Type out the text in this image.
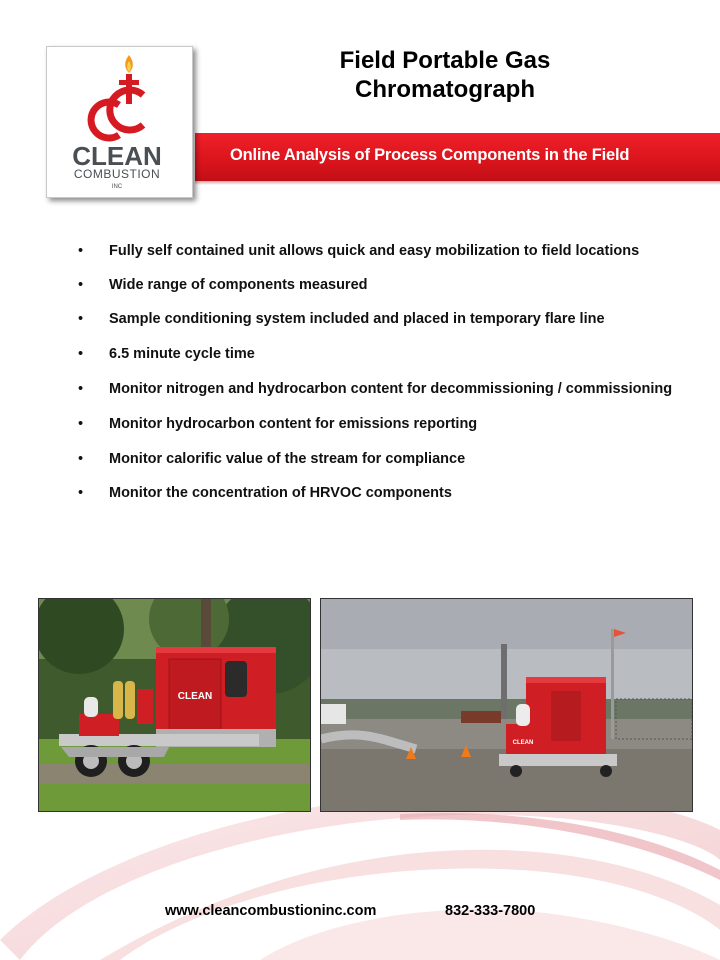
Online Analysis of Process Components in the Field
CLEAN
COMBUSTION
INC
Field Portable Gas
Chromatograph
• Fully self contained unit allows quick and easy mobilization to field locations
• Wide range of components measured
• Sample conditioning system included and placed in temporary flare line
• 6.5 minute cycle time
• Monitor nitrogen and hydrocarbon content for decommissioning / commissioning
• Monitor hydrocarbon content for emissions reporting
• Monitor calorific value of the stream for compliance
• Monitor the concentration of HRVOC components
CLEAN
CLEAN
www.cleancombustioninc.com	832-333-7800
